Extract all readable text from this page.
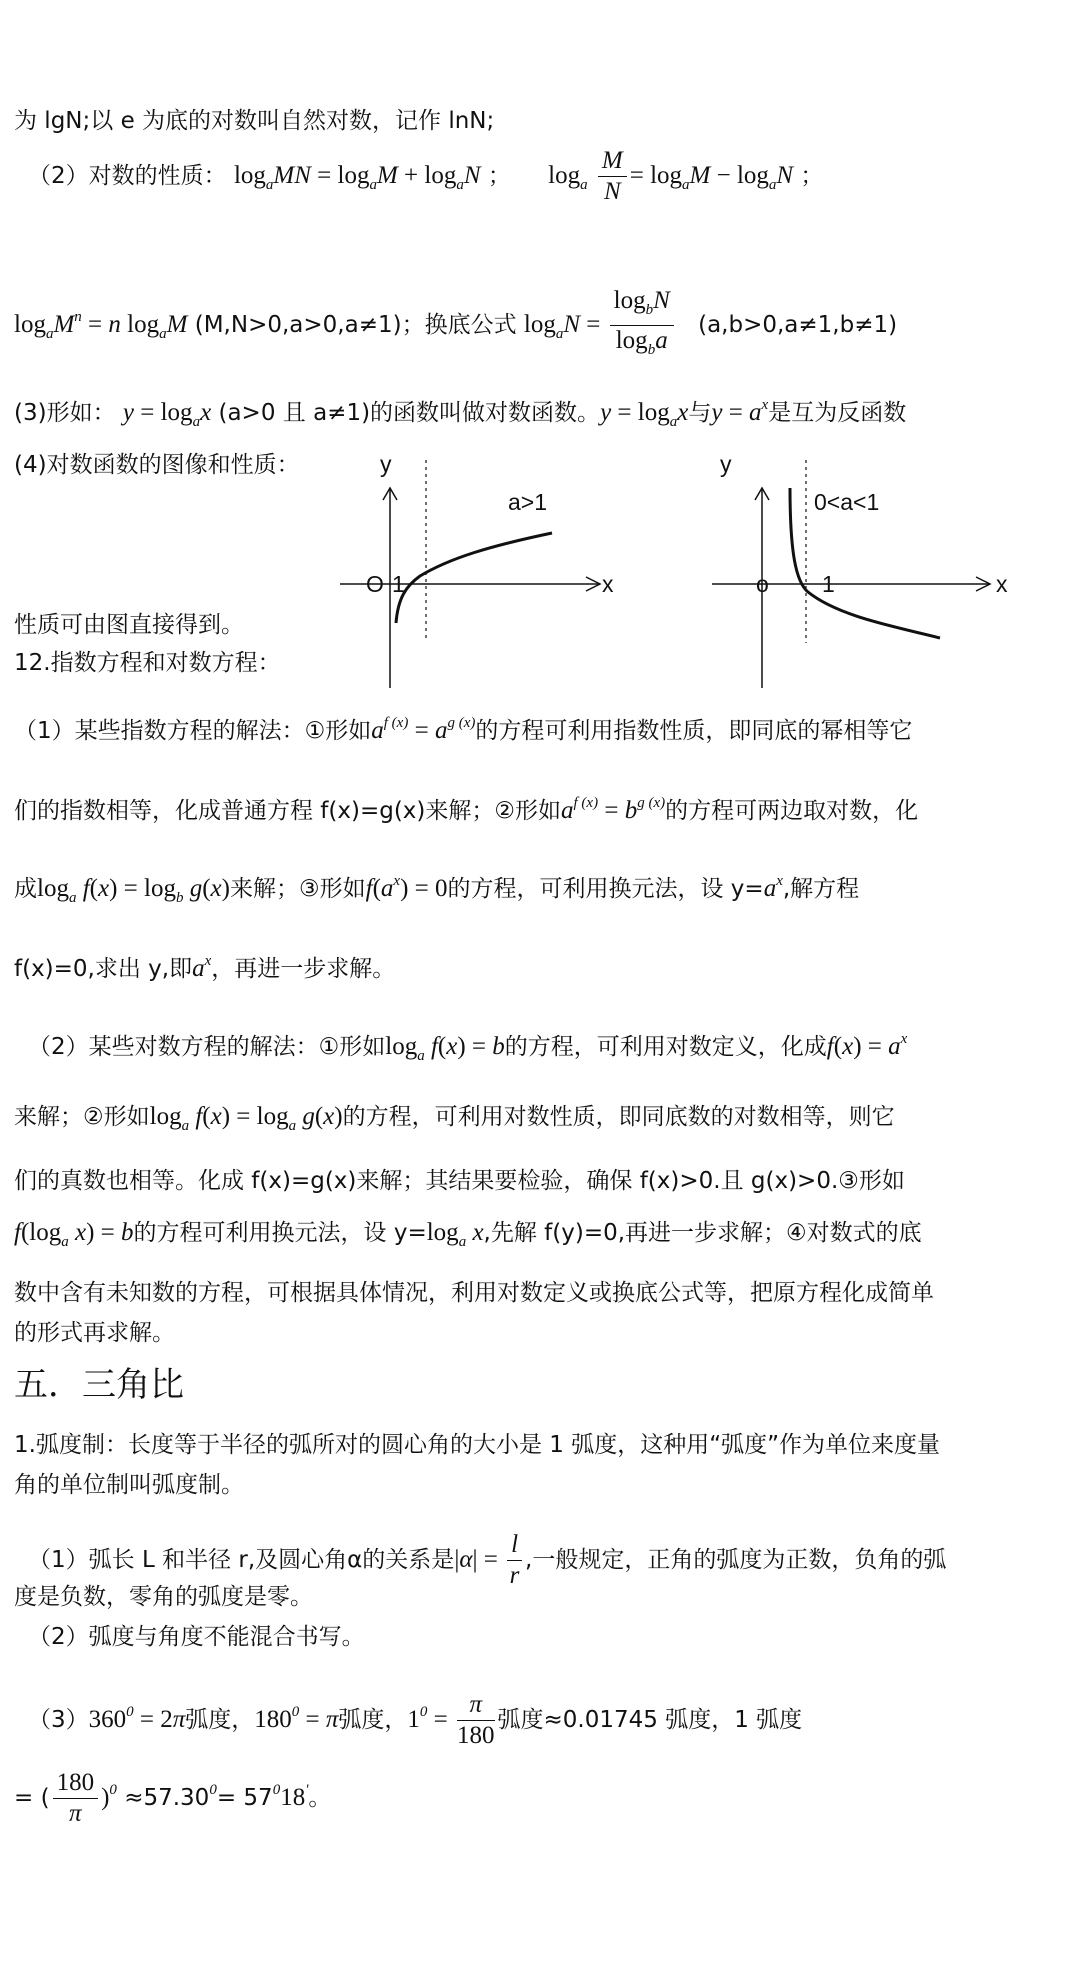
为 lgN;以 e 为底的对数叫自然对数，记作 lnN;
（2）对数的性质： $\log_aMN = \log_aM + \log_aN$ ； $\log_a \frac{M}{N} = \log_aM - \log_aN$ ；
$\log_aM^n = n$ $\log_aM$ (M,N>0,a>0,a≠1)；换底公式 $\log_aN = \frac{\log_bN}{\log_ba} (a,b>0,a\ne 1,b\ne 1)$
(3)形如： $y = \log_ax$ (a>0 且 a≠1)的函数叫做对数函数。$y = \log_ax$与$y = a^x$是互为反函数
(4)对数函数的图像和性质：	y
x
O 1
a>1
y
x
o 1
0<a<1
性质可由图直接得到。
12.指数方程和对数方程：
（1）某些指数方程的解法：①形如$a^{f (x)} = a^{g (x)}$的方程可利用指数性质，即同底的幂相等它
们的指数相等，化成普通方程 f(x)=g(x)来解；②形如$a^{f (x)} = b^{g (x)}$的方程可两边取对数，化
成$\log_a f(x) = \log_b g(x)$来解；③形如$f(a^x) = 0$的方程，可利用换元法，设 $y=a^x$,解方程
f(x)=0,求出 y,即$a^x$，再进一步求解。
（2）某些对数方程的解法：①形如$\log_a f(x) = b$的方程，可利用对数定义，化成$f(x) = a^x$
来解；②形如$\log_a f(x) = \log_a g(x)$的方程，可利用对数性质，即同底数的对数相等，则它
们的真数也相等。化成 f(x)=g(x)来解；其结果要检验，确保 f(x)>0.且 g(x)>0.③形如
$f(\log_a$ x) = b的方程可利用换元法，设 $y=\log_a$ x,先解 f(y)=0,再进一步求解；④对数式的底
数中含有未知数的方程，可根据具体情况，利用对数定义或换底公式等，把原方程化成简单
的形式再求解。
五．三角比
1.弧度制：长度等于半径的弧所对的圆心角的大小是 1 弧度，这种用“弧度”作为单位来度量
角的单位制叫弧度制。
（1）弧长 L 和半径 r,及圆心角α的关系是$|\alpha| = \frac{l}{r}$ ,一般规定，正角的弧度为正数，负角的弧
度是负数，零角的弧度是零。
（2）弧度与角度不能混合书写。
$(3)360^0 = 2\pi$弧度，$180^0 = \pi$弧度，$1^0 = \frac{\pi}{180}$ 弧度≈0.01745 弧度，1 弧度
= ( $\frac{180}{\pi} )^0 \approx 57.30^0= 57^018'$。
